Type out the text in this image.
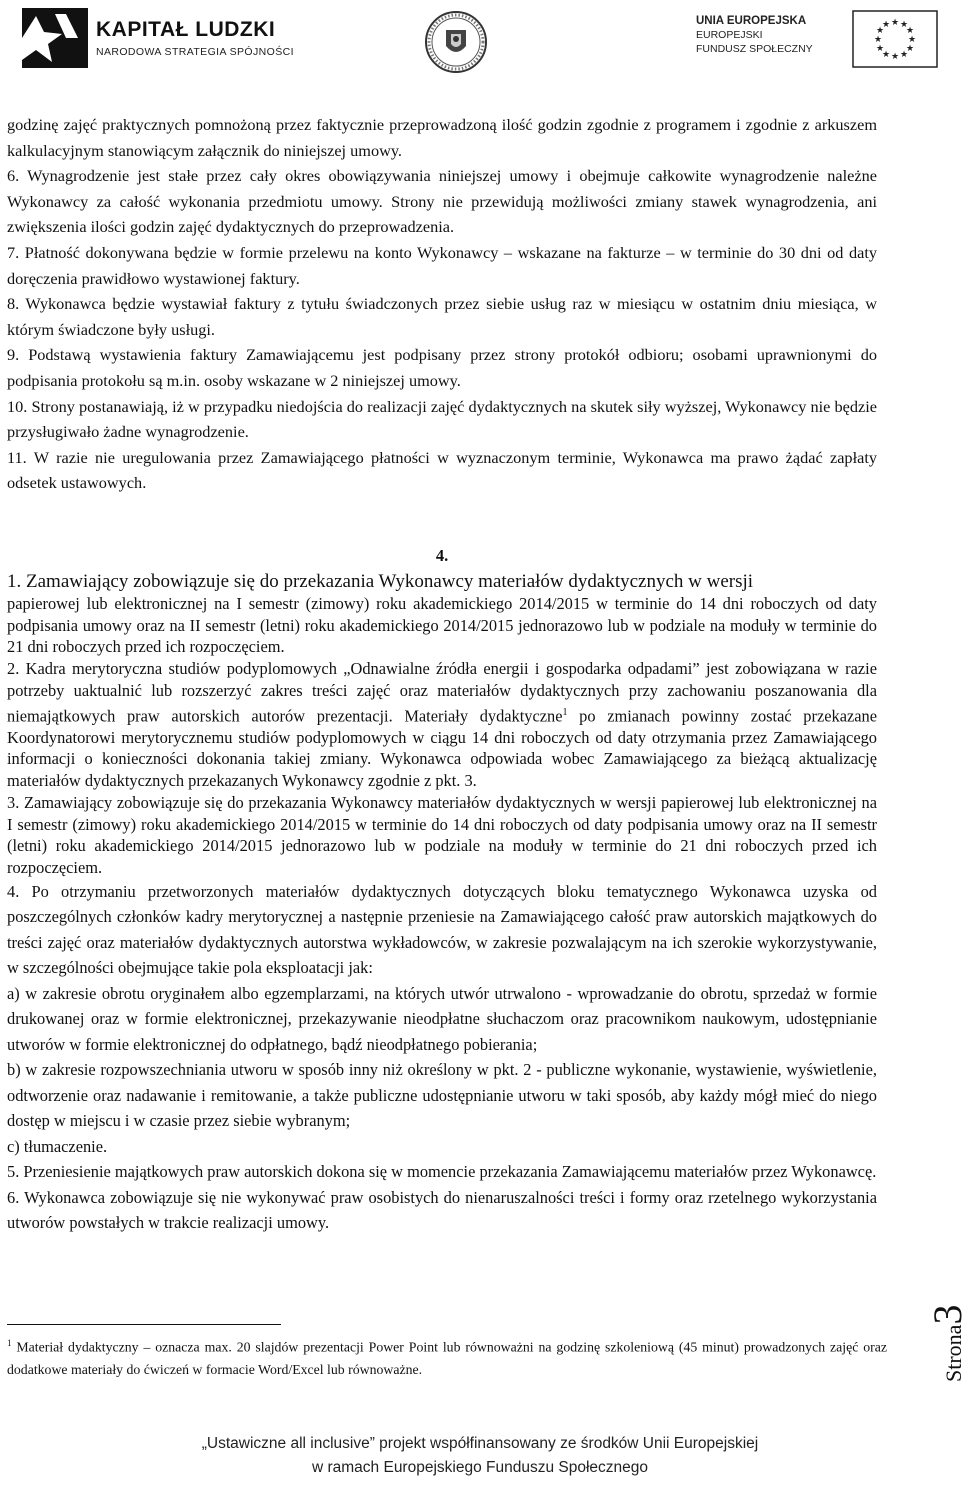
KAPITAŁ LUDZKI
NARODOWA STRATEGIA SPÓJNOŚCI
UNIA EUROPEJSKA
EUROPEJSKI
FUNDUSZ SPOŁECZNY
★ ★
★
★
★
★
★
★
★
★
★
★

godzinę zajęć praktycznych pomnożoną przez faktycznie przeprowadzoną ilość godzin zgodnie z programem i zgodnie z arkuszem kalkulacyjnym stanowiącym załącznik do niniejszej umowy.

6. Wynagrodzenie jest stałe przez cały okres obowiązywania niniejszej umowy i obejmuje całkowite wynagrodzenie należne Wykonawcy za całość wykonania przedmiotu umowy. Strony nie przewidują możliwości zmiany stawek wynagrodzenia, ani zwiększenia ilości godzin zajęć dydaktycznych do przeprowadzenia.

7. Płatność dokonywana będzie w formie przelewu na konto Wykonawcy – wskazane na fakturze – w terminie do 30 dni od daty doręczenia prawidłowo wystawionej faktury.

8. Wykonawca będzie wystawiał faktury z tytułu świadczonych przez siebie usług raz w miesiącu w ostatnim dniu miesiąca, w którym świadczone były usługi.

9. Podstawą wystawienia faktury Zamawiającemu jest podpisany przez strony protokół odbioru; osobami uprawnionymi do podpisania protokołu są m.in. osoby wskazane w 2 niniejszej umowy.

10. Strony postanawiają, iż w przypadku niedojścia do realizacji zajęć dydaktycznych na skutek siły wyższej, Wykonawcy nie będzie przysługiwało żadne wynagrodzenie.

11. W razie nie uregulowania przez Zamawiającego płatności w wyznaczonym terminie, Wykonawca ma prawo żądać zapłaty odsetek ustawowych.

4.

1. Zamawiający zobowiązuje się do przekazania Wykonawcy materiałów dydaktycznych w wersji

papierowej lub elektronicznej na I semestr (zimowy) roku akademickiego 2014/2015 w terminie do 14 dni roboczych od daty podpisania umowy oraz na II semestr (letni) roku akademickiego 2014/2015 jednorazowo lub w podziale na moduły w terminie do 21 dni roboczych przed ich rozpoczęciem.

2. Kadra merytoryczna studiów podyplomowych „Odnawialne źródła energii i gospodarka odpadami” jest zobowiązana w razie potrzeby uaktualnić lub rozszerzyć zakres treści zajęć oraz materiałów dydaktycznych przy zachowaniu poszanowania dla niemajątkowych praw autorskich autorów prezentacji. Materiały dydaktyczne$^1$ po zmianach powinny zostać przekazane Koordynatorowi merytorycznemu studiów podyplomowych w ciągu 14 dni roboczych od daty otrzymania przez Zamawiającego informacji o konieczności dokonania takiej zmiany. Wykonawca odpowiada wobec Zamawiającego za bieżącą aktualizację materiałów dydaktycznych przekazanych Wykonawcy zgodnie z pkt. 3.

3. Zamawiający zobowiązuje się do przekazania Wykonawcy materiałów dydaktycznych w wersji papierowej lub elektronicznej na I semestr (zimowy) roku akademickiego 2014/2015 w terminie do 14 dni roboczych od daty podpisania umowy oraz na II semestr (letni) roku akademickiego 2014/2015 jednorazowo lub w podziale na moduły w terminie do 21 dni roboczych przed ich rozpoczęciem.

4. Po otrzymaniu przetworzonych materiałów dydaktycznych dotyczących bloku tematycznego Wykonawca uzyska od poszczególnych członków kadry merytorycznej a następnie przeniesie na Zamawiającego całość praw autorskich majątkowych do treści zajęć oraz materiałów dydaktycznych autorstwa wykładowców, w zakresie pozwalającym na ich szerokie wykorzystywanie, w szczególności obejmujące takie pola eksploatacji jak:

a) w zakresie obrotu oryginałem albo egzemplarzami, na których utwór utrwalono - wprowadzanie do obrotu, sprzedaż w formie drukowanej oraz w formie elektronicznej, przekazywanie nieodpłatne słuchaczom oraz pracownikom naukowym, udostępnianie utworów w formie elektronicznej do odpłatnego, bądź nieodpłatnego pobierania;

b) w zakresie rozpowszechniania utworu w sposób inny niż określony w pkt. 2 - publiczne wykonanie, wystawienie, wyświetlenie, odtworzenie oraz nadawanie i remitowanie, a także publiczne udostępnianie utworu w taki sposób, aby każdy mógł mieć do niego dostęp w miejscu i w czasie przez siebie wybranym;

c) tłumaczenie.

5. Przeniesienie majątkowych praw autorskich dokona się w momencie przekazania Zamawiającemu materiałów przez Wykonawcę.

6. Wykonawca zobowiązuje się nie wykonywać praw osobistych do nienaruszalności treści i formy oraz rzetelnego wykorzystania utworów powstałych w trakcie realizacji umowy.

$^1$ Materiał dydaktyczny – oznacza max. 20 slajdów prezentacji Power Point lub równoważni na godzinę szkoleniową (45 minut) prowadzonych zajęć oraz dodatkowe materiały do ćwiczeń w formacie Word/Excel lub równoważne.	Strona3
„Ustawiczne all inclusive” projekt współfinansowany ze środków Unii Europejskiej
w ramach Europejskiego Funduszu Społecznego
